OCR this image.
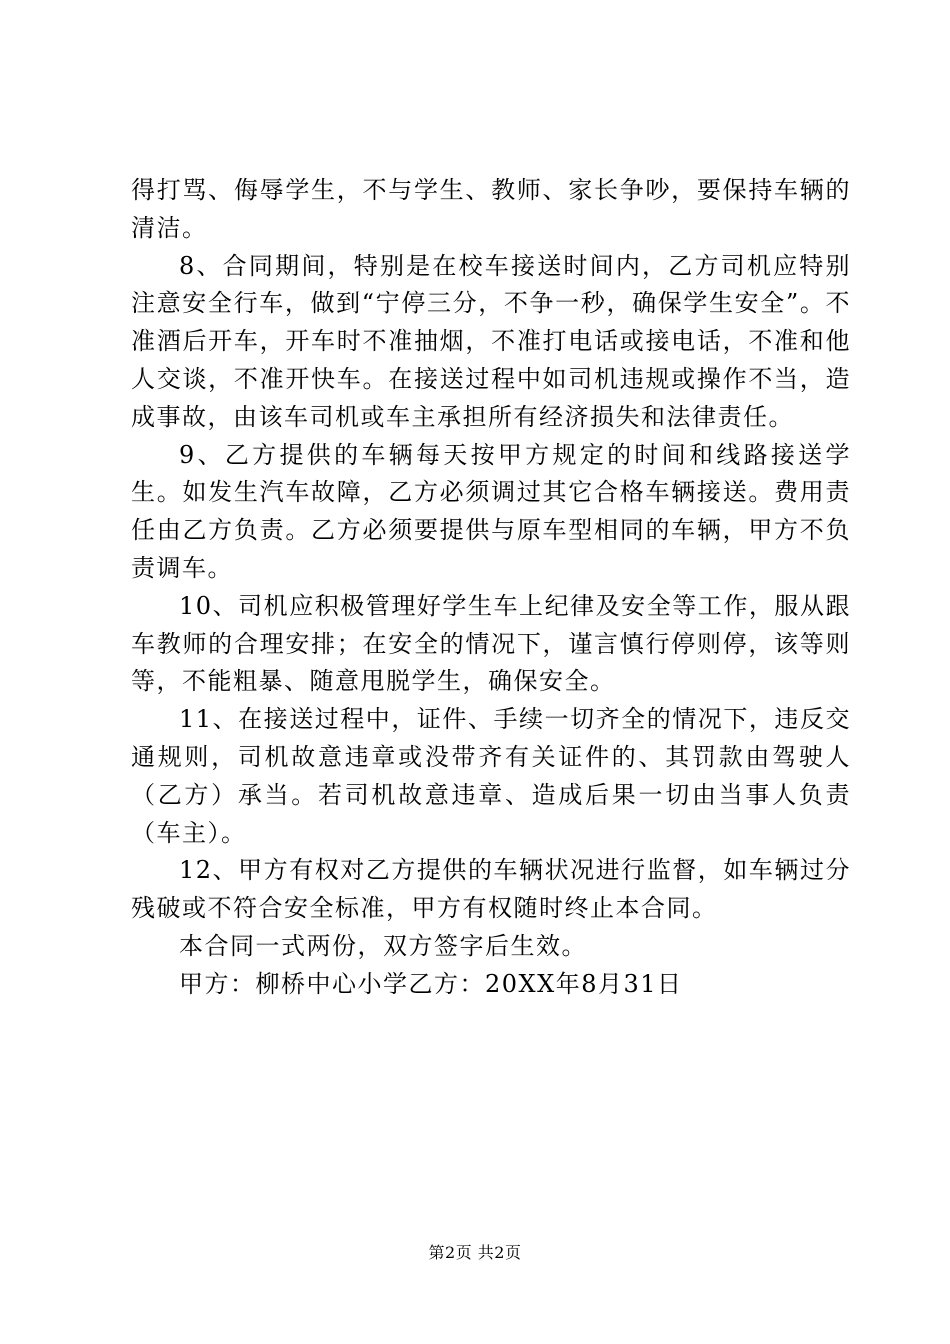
得打骂、侮辱学生，不与学生、教师、家长争吵，要保持车辆的清洁。

8、合同期间，特别是在校车接送时间内，乙方司机应特别注意安全行车，做到“宁停三分，不争一秒，确保学生安全”。不准酒后开车，开车时不准抽烟，不准打电话或接电话，不准和他人交谈，不准开快车。在接送过程中如司机违规或操作不当，造成事故，由该车司机或车主承担所有经济损失和法律责任。

9、乙方提供的车辆每天按甲方规定的时间和线路接送学生。如发生汽车故障，乙方必须调过其它合格车辆接送。费用责任由乙方负责。乙方必须要提供与原车型相同的车辆，甲方不负责调车。

10、司机应积极管理好学生车上纪律及安全等工作，服从跟车教师的合理安排；在安全的情况下，谨言慎行停则停，该等则等，不能粗暴、随意甩脱学生，确保安全。

11、在接送过程中，证件、手续一切齐全的情况下，违反交通规则，司机故意违章或没带齐有关证件的、其罚款由驾驶人（乙方）承当。若司机故意违章、造成后果一切由当事人负责（车主）。

12、甲方有权对乙方提供的车辆状况进行监督，如车辆过分残破或不符合安全标准，甲方有权随时终止本合同。

本合同一式两份，双方签字后生效。

甲方：柳桥中心小学乙方：20XX年8月31日

第2页 共2页
